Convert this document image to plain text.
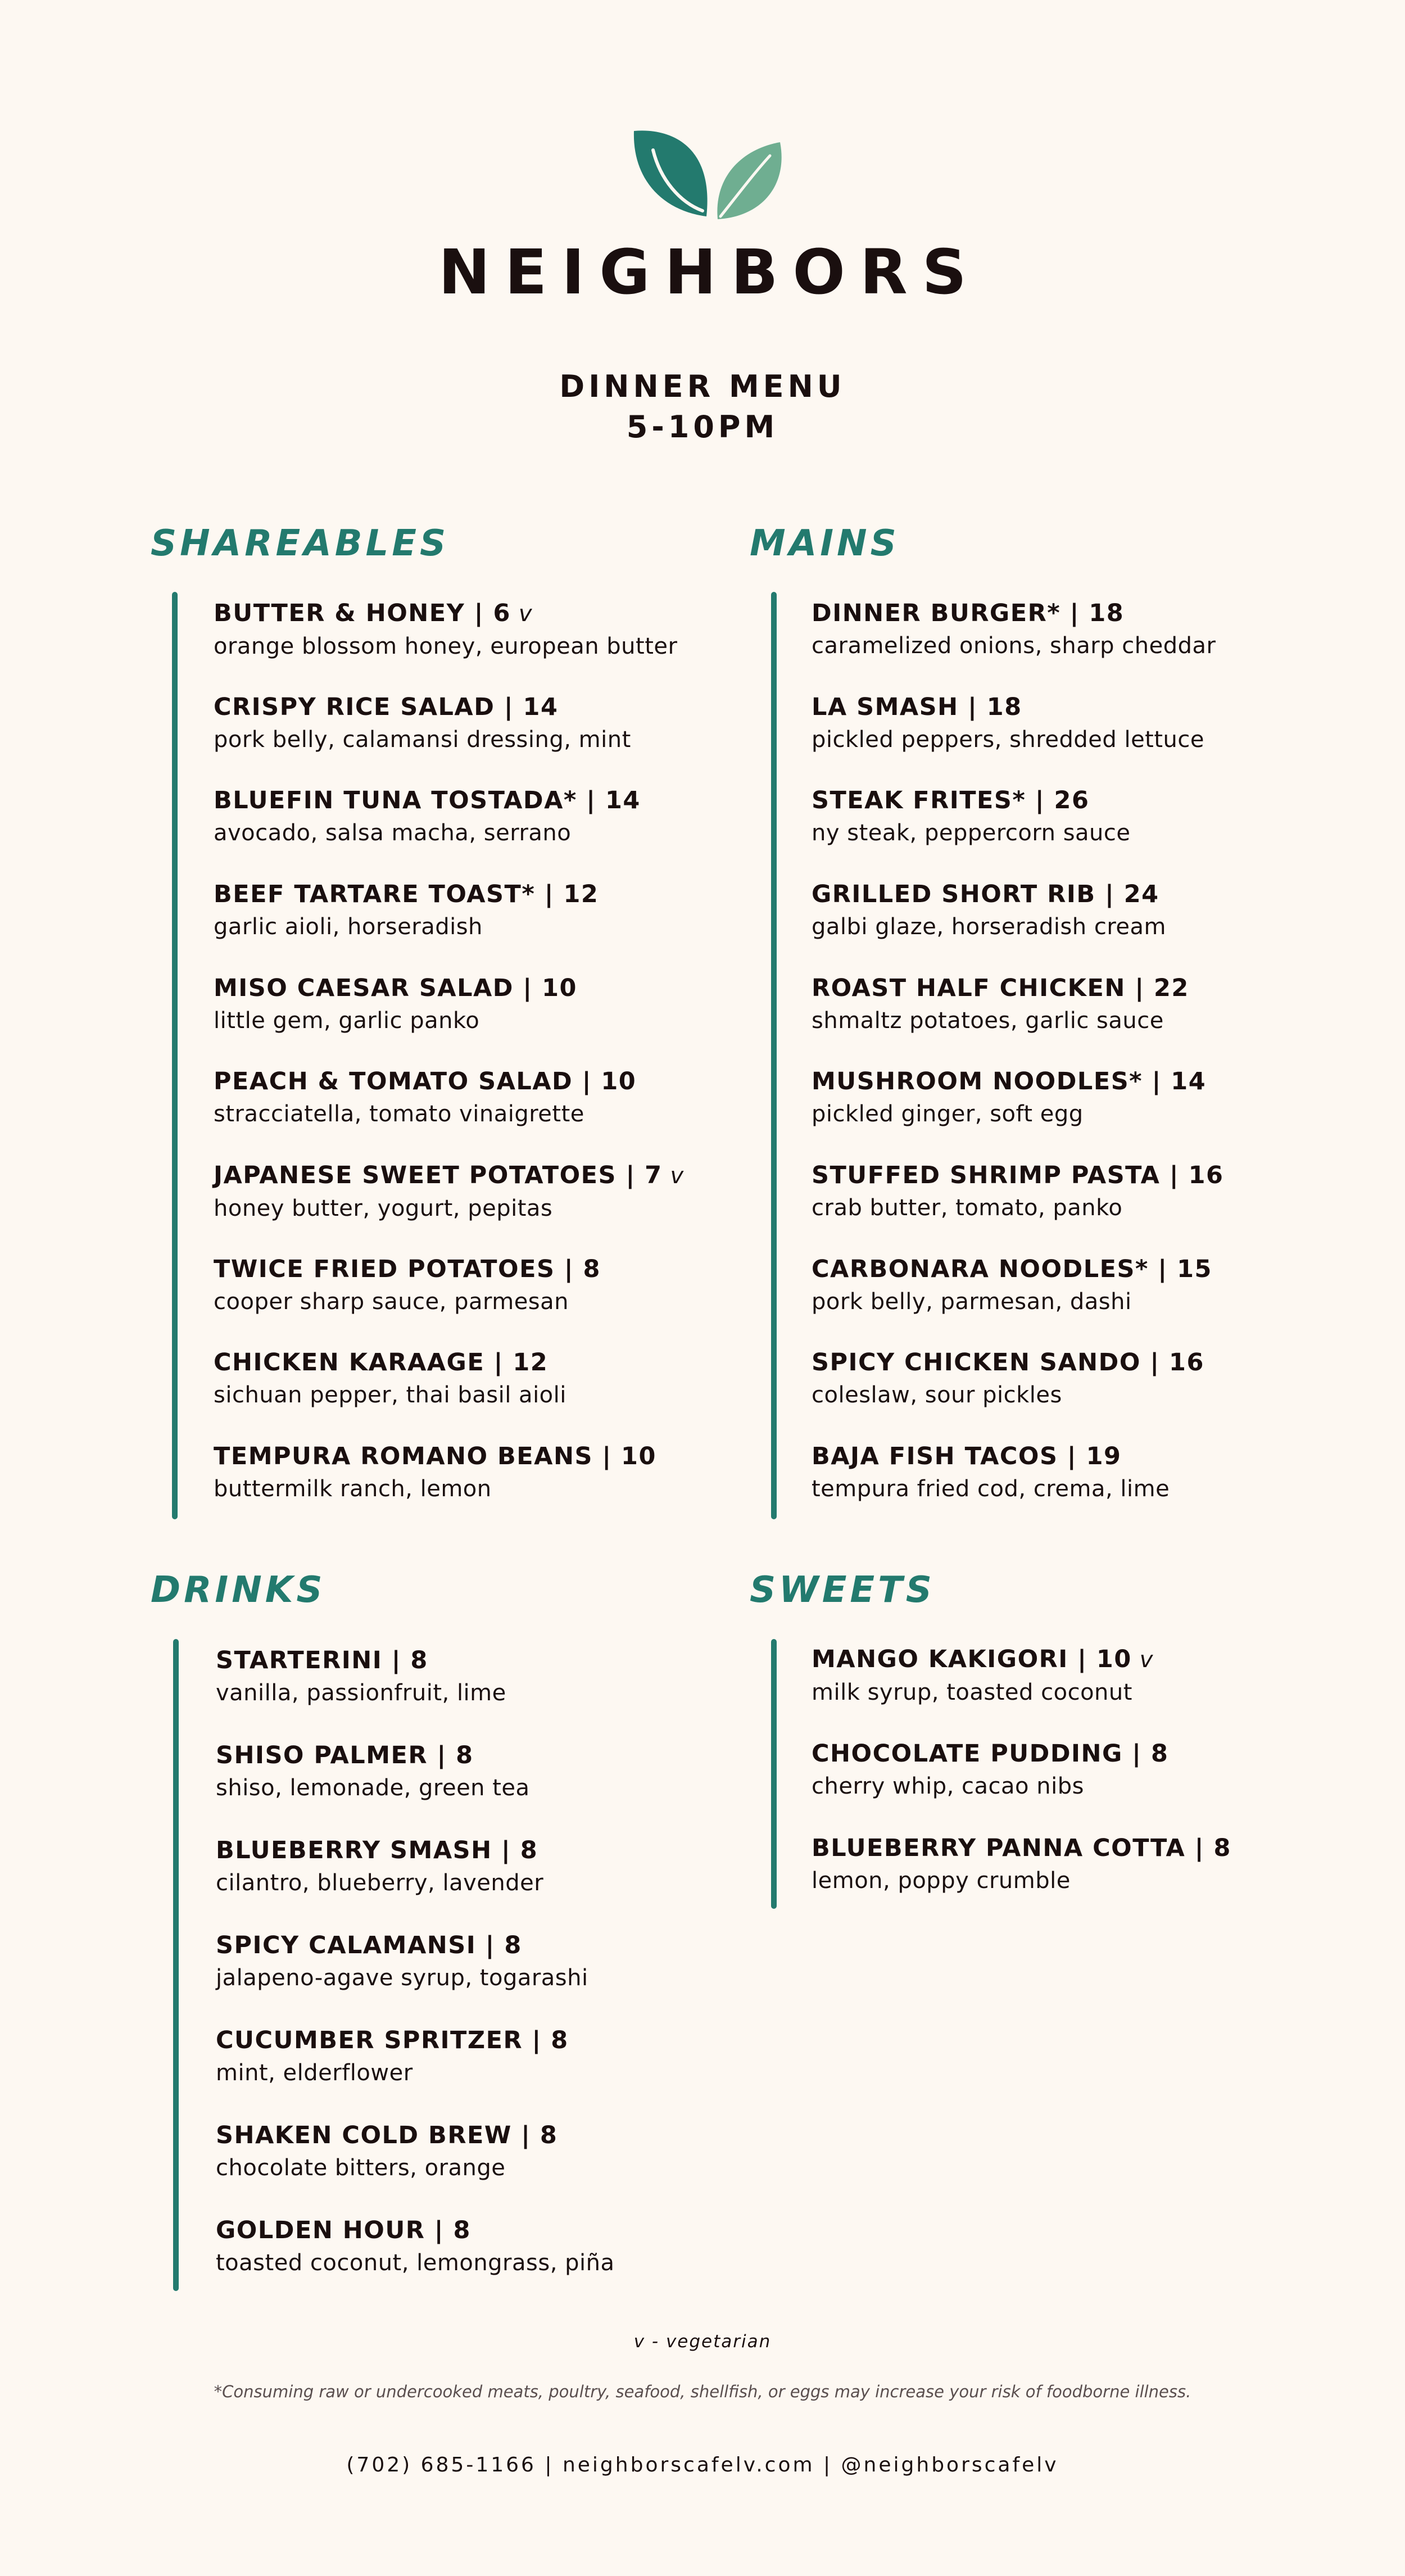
NEIGHBORS
DINNER MENU
5-10PM
SHAREABLES
BUTTER & HONEY | 6 v
orange blossom honey, european butter
CRISPY RICE SALAD | 14
pork belly, calamansi dressing, mint
BLUEFIN TUNA TOSTADA* | 14
avocado, salsa macha, serrano
BEEF TARTARE TOAST* | 12
garlic aioli, horseradish
MISO CAESAR SALAD | 10
little gem, garlic panko
PEACH & TOMATO SALAD | 10
stracciatella, tomato vinaigrette
JAPANESE SWEET POTATOES | 7 v
honey butter, yogurt, pepitas
TWICE FRIED POTATOES | 8
cooper sharp sauce, parmesan
CHICKEN KARAAGE | 12
sichuan pepper, thai basil aioli
TEMPURA ROMANO BEANS | 10
buttermilk ranch, lemon
MAINS
DINNER BURGER* | 18
caramelized onions, sharp cheddar
LA SMASH | 18
pickled peppers, shredded lettuce
STEAK FRITES* | 26
ny steak, peppercorn sauce
GRILLED SHORT RIB | 24
galbi glaze, horseradish cream
ROAST HALF CHICKEN | 22
shmaltz potatoes, garlic sauce
MUSHROOM NOODLES* | 14
pickled ginger, soft egg
STUFFED SHRIMP PASTA | 16
crab butter, tomato, panko
CARBONARA NOODLES* | 15
pork belly, parmesan, dashi
SPICY CHICKEN SANDO | 16
coleslaw, sour pickles
BAJA FISH TACOS | 19
tempura fried cod, crema, lime
DRINKS
STARTERINI | 8
vanilla, passionfruit, lime
SHISO PALMER | 8
shiso, lemonade, green tea
BLUEBERRY SMASH | 8
cilantro, blueberry, lavender
SPICY CALAMANSI | 8
jalapeno-agave syrup, togarashi
CUCUMBER SPRITZER | 8
mint, elderflower
SHAKEN COLD BREW | 8
chocolate bitters, orange
GOLDEN HOUR | 8
toasted coconut, lemongrass, piña
SWEETS
MANGO KAKIGORI | 10 v
milk syrup, toasted coconut
CHOCOLATE PUDDING | 8
cherry whip, cacao nibs
BLUEBERRY PANNA COTTA | 8
lemon, poppy crumble
v - vegetarian
*Consuming raw or undercooked meats, poultry, seafood, shellfish, or eggs may increase your risk of foodborne illness.
(702) 685-1166 | neighborscafelv.com | @neighborscafelv
